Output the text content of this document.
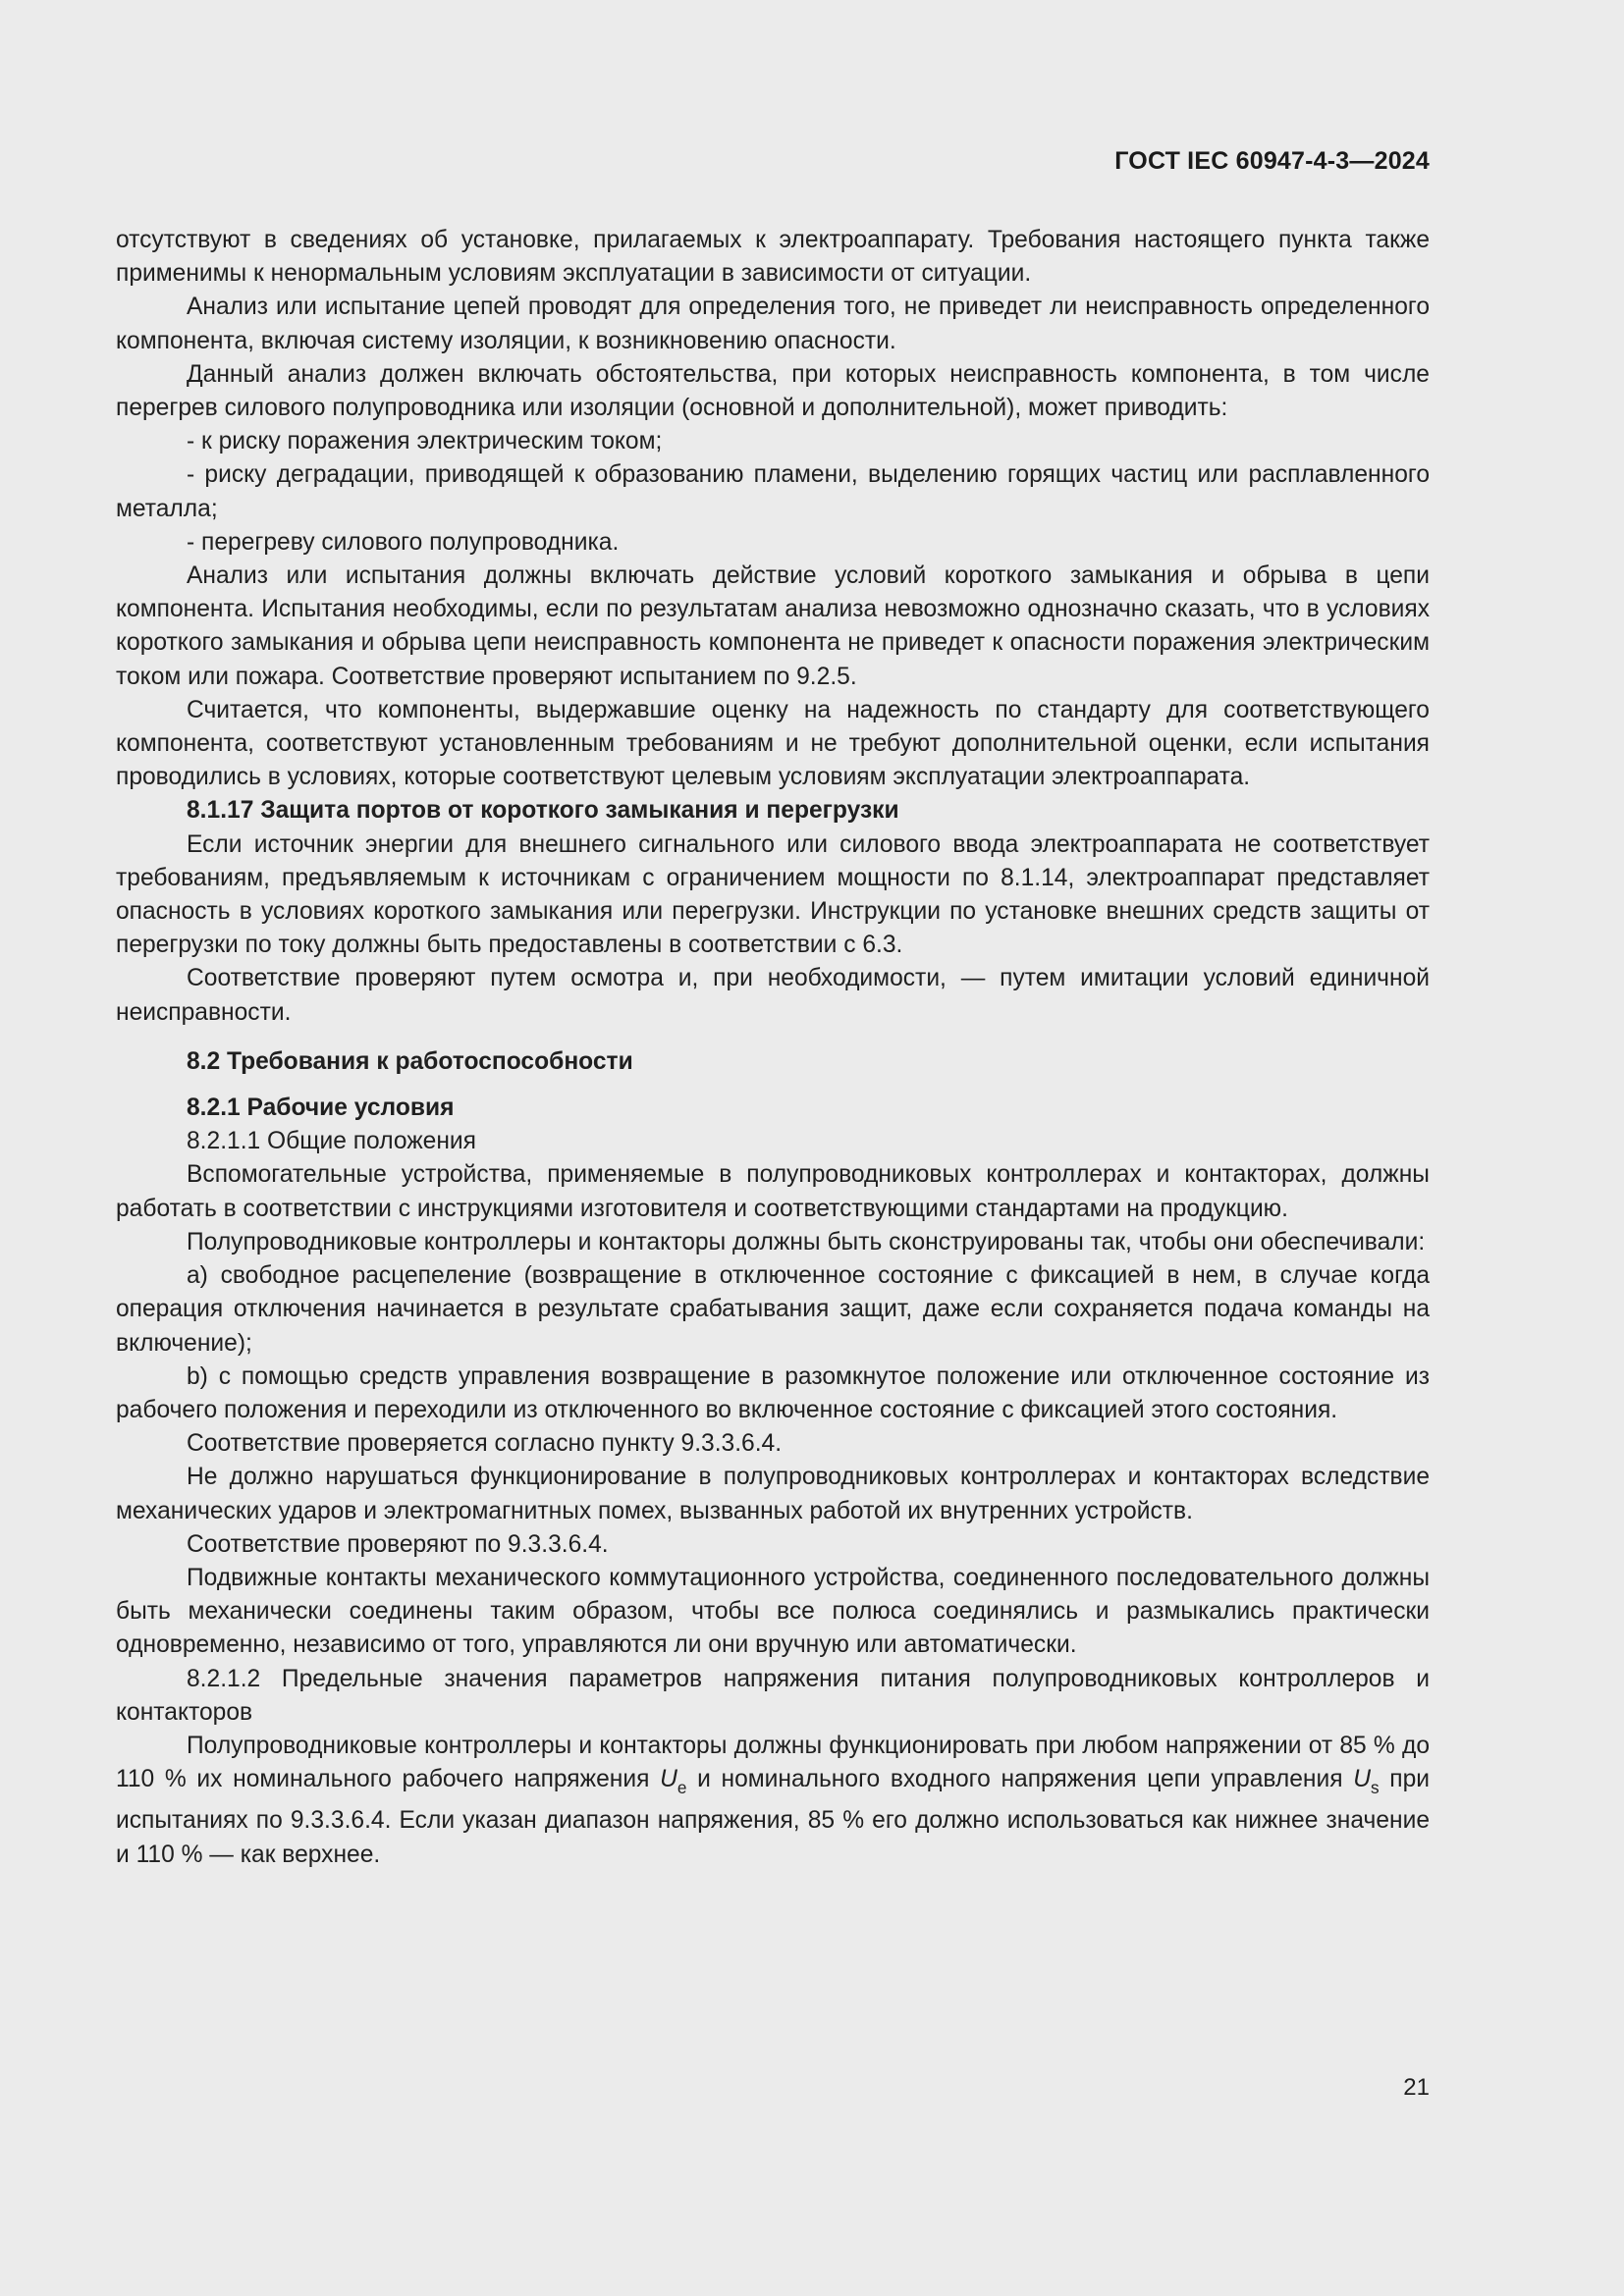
ГОСТ IEC 60947-4-3—2024

отсутствуют в сведениях об установке, прилагаемых к электроаппарату. Требования настоящего пункта также применимы к ненормальным условиям эксплуатации в зависимости от ситуации.

Анализ или испытание цепей проводят для определения того, не приведет ли неисправность определенного компонента, включая систему изоляции, к возникновению опасности.

Данный анализ должен включать обстоятельства, при которых неисправность компонента, в том числе перегрев силового полупроводника или изоляции (основной и дополнительной), может приводить:

- к риску поражения электрическим током;

- риску деградации, приводящей к образованию пламени, выделению горящих частиц или расплавленного металла;

- перегреву силового полупроводника.

Анализ или испытания должны включать действие условий короткого замыкания и обрыва в цепи компонента. Испытания необходимы, если по результатам анализа невозможно однозначно сказать, что в условиях короткого замыкания и обрыва цепи неисправность компонента не приведет к опасности поражения электрическим током или пожара. Соответствие проверяют испытанием по 9.2.5.

Считается, что компоненты, выдержавшие оценку на надежность по стандарту для соответствующего компонента, соответствуют установленным требованиям и не требуют дополнительной оценки, если испытания проводились в условиях, которые соответствуют целевым условиям эксплуатации электроаппарата.

8.1.17 Защита портов от короткого замыкания и перегрузки

Если источник энергии для внешнего сигнального или силового ввода электроаппарата не соответствует требованиям, предъявляемым к источникам с ограничением мощности по 8.1.14, электроаппарат представляет опасность в условиях короткого замыкания или перегрузки. Инструкции по установке внешних средств защиты от перегрузки по току должны быть предоставлены в соответствии с 6.3.

Соответствие проверяют путем осмотра и, при необходимости, — путем имитации условий единичной неисправности.

8.2 Требования к работоспособности

8.2.1 Рабочие условия

8.2.1.1 Общие положения

Вспомогательные устройства, применяемые в полупроводниковых контроллерах и контакторах, должны работать в соответствии с инструкциями изготовителя и соответствующими стандартами на продукцию.

Полупроводниковые контроллеры и контакторы должны быть сконструированы так, чтобы они обеспечивали:

a) свободное расцепеление (возвращение в отключенное состояние с фиксацией в нем, в случае когда операция отключения начинается в результате срабатывания защит, даже если сохраняется подача команды на включение);

b) с помощью средств управления возвращение в разомкнутое положение или отключенное состояние из рабочего положения и переходили из отключенного во включенное состояние с фиксацией этого состояния.

Соответствие проверяется согласно пункту 9.3.3.6.4.

Не должно нарушаться функционирование в полупроводниковых контроллерах и контакторах вследствие механических ударов и электромагнитных помех, вызванных работой их внутренних устройств.

Соответствие проверяют по 9.3.3.6.4.

Подвижные контакты механического коммутационного устройства, соединенного последовательного должны быть механически соединены таким образом, чтобы все полюса соединялись и размыкались практически одновременно, независимо от того, управляются ли они вручную или автоматически.

8.2.1.2 Предельные значения параметров напряжения питания полупроводниковых контроллеров и контакторов

Полупроводниковые контроллеры и контакторы должны функционировать при любом напряжении от 85 % до 110 % их номинального рабочего напряжения $U_e$ и номинального входного напряжения цепи управления $U_s$ при испытаниях по 9.3.3.6.4. Если указан диапазон напряжения, 85 % его должно использоваться как нижнее значение и 110 % — как верхнее.

21
